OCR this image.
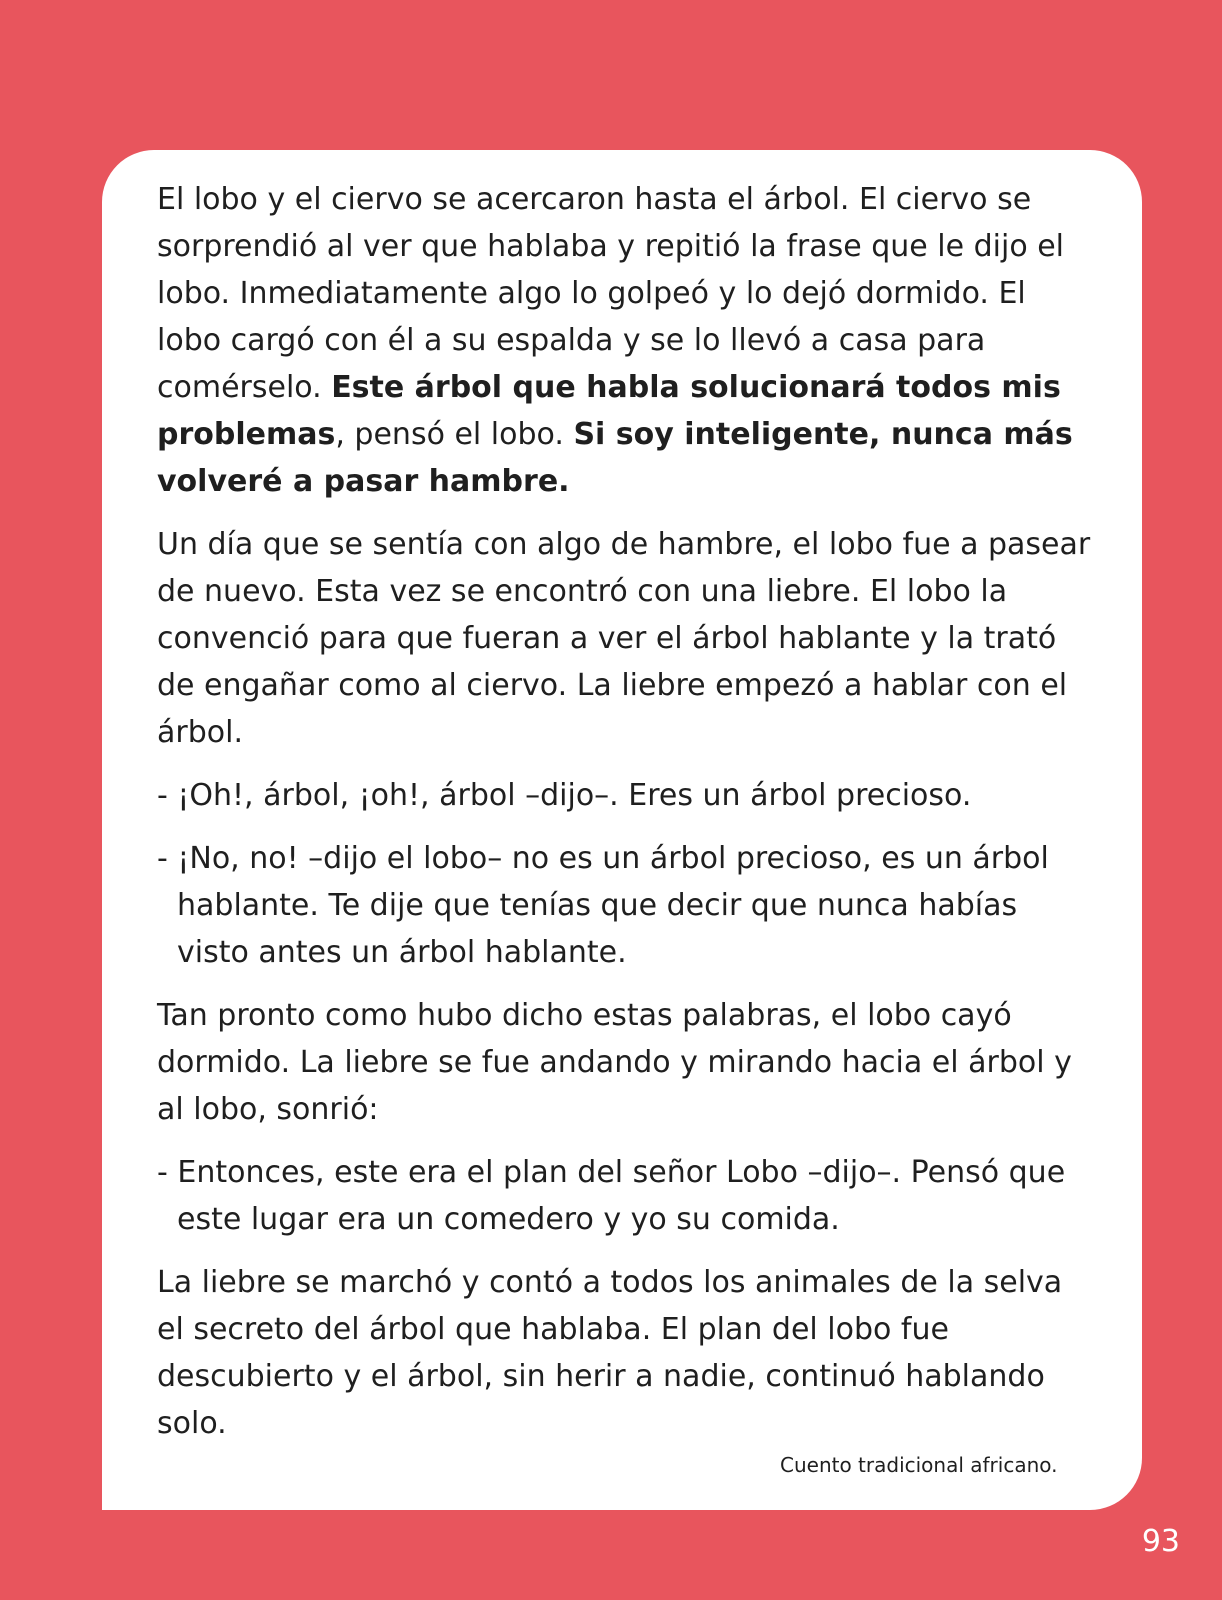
El lobo y el ciervo se acercaron hasta el árbol. El ciervo se sorprendió al ver que hablaba y repitió la frase que le dijo el lobo. Inmediatamente algo lo golpeó y lo dejó dormido. El lobo cargó con él a su espalda y se lo llevó a casa para comérselo. Este árbol que habla solucionará todos mis problemas, pensó el lobo. Si soy inteligente, nunca más volveré a pasar hambre.

Un día que se sentía con algo de hambre, el lobo fue a pasear de nuevo. Esta vez se encontró con una liebre. El lobo la convenció para que fueran a ver el árbol hablante y la trató de engañar como al ciervo. La liebre empezó a hablar con el árbol.

- ¡Oh!, árbol, ¡oh!, árbol –dijo–. Eres un árbol precioso.

- ¡No, no! –dijo el lobo– no es un árbol precioso, es un árbol hablante. Te dije que tenías que decir que nunca habías visto antes un árbol hablante.

Tan pronto como hubo dicho estas palabras, el lobo cayó dormido. La liebre se fue andando y mirando hacia el árbol y al lobo, sonrió:

- Entonces, este era el plan del señor Lobo –dijo–. Pensó que este lugar era un comedero y yo su comida.

La liebre se marchó y contó a todos los animales de la selva el secreto del árbol que hablaba. El plan del lobo fue descubierto y el árbol, sin herir a nadie, continuó hablando solo.

Cuento tradicional africano.
93
